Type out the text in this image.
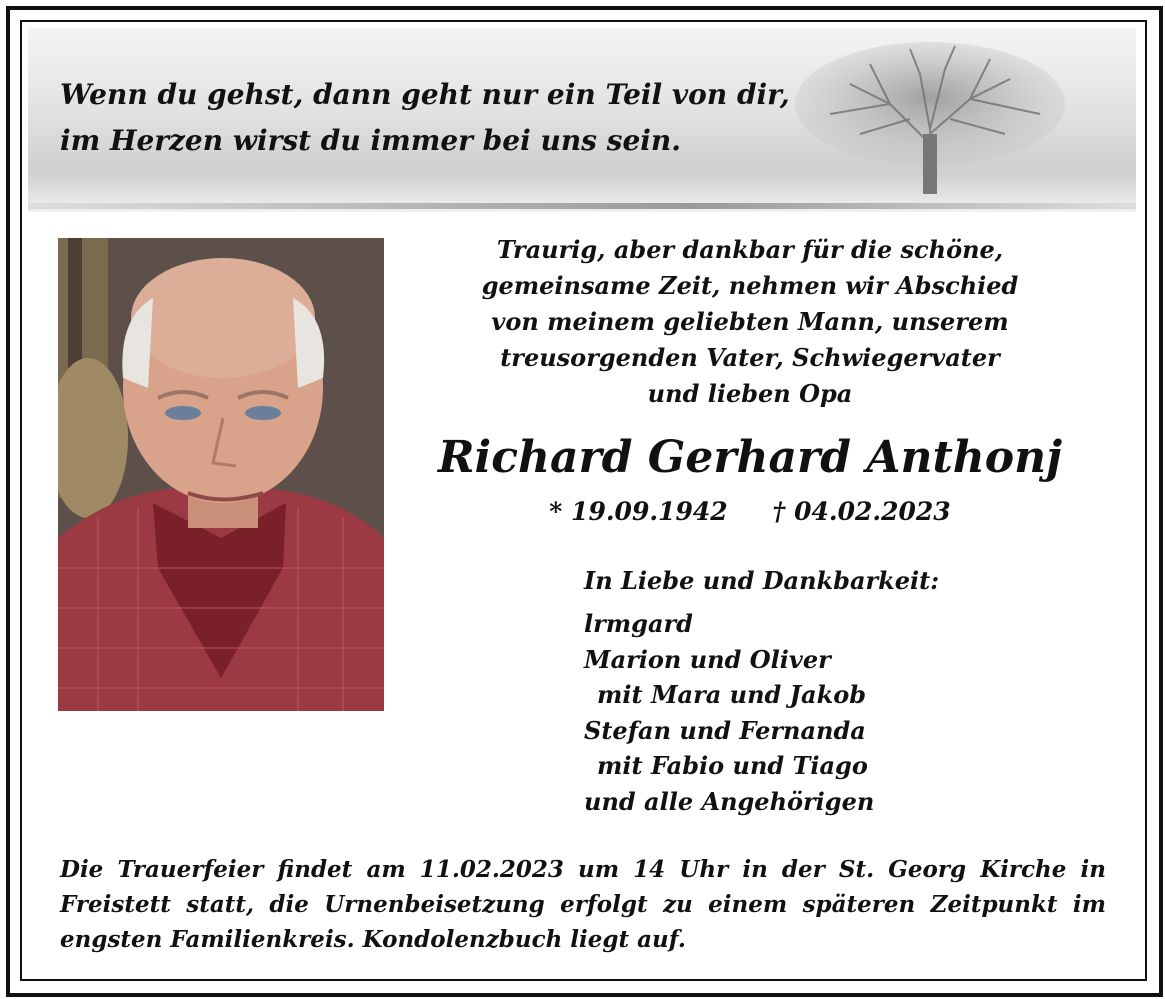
Wenn du gehst, dann geht nur ein Teil von dir,
im Herzen wirst du immer bei uns sein.

Traurig, aber dankbar für die schöne,
gemeinsame Zeit, nehmen wir Abschied
von meinem geliebten Mann, unserem
treusorgenden Vater, Schwiegervater
und lieben Opa

Richard Gerhard Anthonj
* 19.09.1942 † 04.02.2023

In Liebe und Dankbarkeit:

lrmgard
Marion und Oliver
mit Mara und Jakob
Stefan und Fernanda
mit Fabio und Tiago
und alle Angehörigen

Die Trauerfeier findet am 11.02.2023 um 14 Uhr in der St. Georg Kirche in Freistett statt, die Urnenbeisetzung erfolgt zu einem späteren Zeitpunkt im engsten Familienkreis. Kondolenzbuch liegt auf.
